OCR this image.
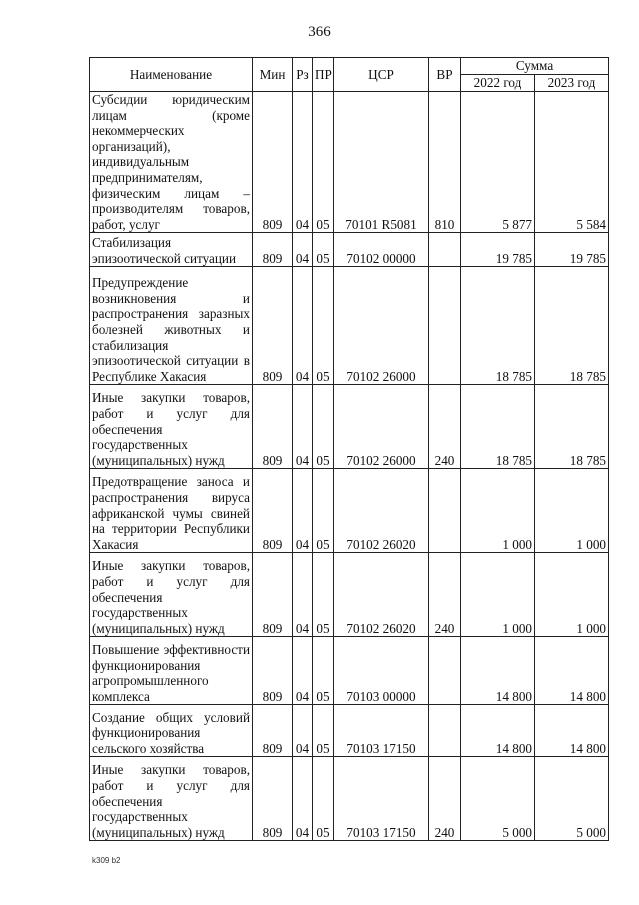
366
Наименование	Мин	Рз	ПР	ЦСР	ВР	Сумма	
						2022 год	2023 год
Субсидии юридическим лицам (кроме некоммерческих организаций), индивидуальным предпринимателям, физическим лицам – производителям товаров, работ, услуг	809	04	05	70101 R5081	810	5 877	5 584
Стабилизация эпизоотической ситуации	809	04	05	70102 00000		19 785	19 785
Предупреждение возникновения и распространения заразных болезней животных и стабилизация эпизоотической ситуации в Республике Хакасия	809	04	05	70102 26000		18 785	18 785
Иные закупки товаров, работ и услуг для обеспечения государственных (муниципальных) нужд	809	04	05	70102 26000	240	18 785	18 785
Предотвращение заноса и распространения вируса африканской чумы свиней на территории Республики Хакасия	809	04	05	70102 26020		1 000	1 000
Иные закупки товаров, работ и услуг для обеспечения государственных (муниципальных) нужд	809	04	05	70102 26020	240	1 000	1 000
Повышение эффективности функционирования агропромышленного комплекса	809	04	05	70103 00000		14 800	14 800
Создание общих условий функционирования сельского хозяйства	809	04	05	70103 17150		14 800	14 800
Иные закупки товаров, работ и услуг для обеспечения государственных (муниципальных) нужд	809	04	05	70103 17150	240	5 000	5 000
k309 b2
